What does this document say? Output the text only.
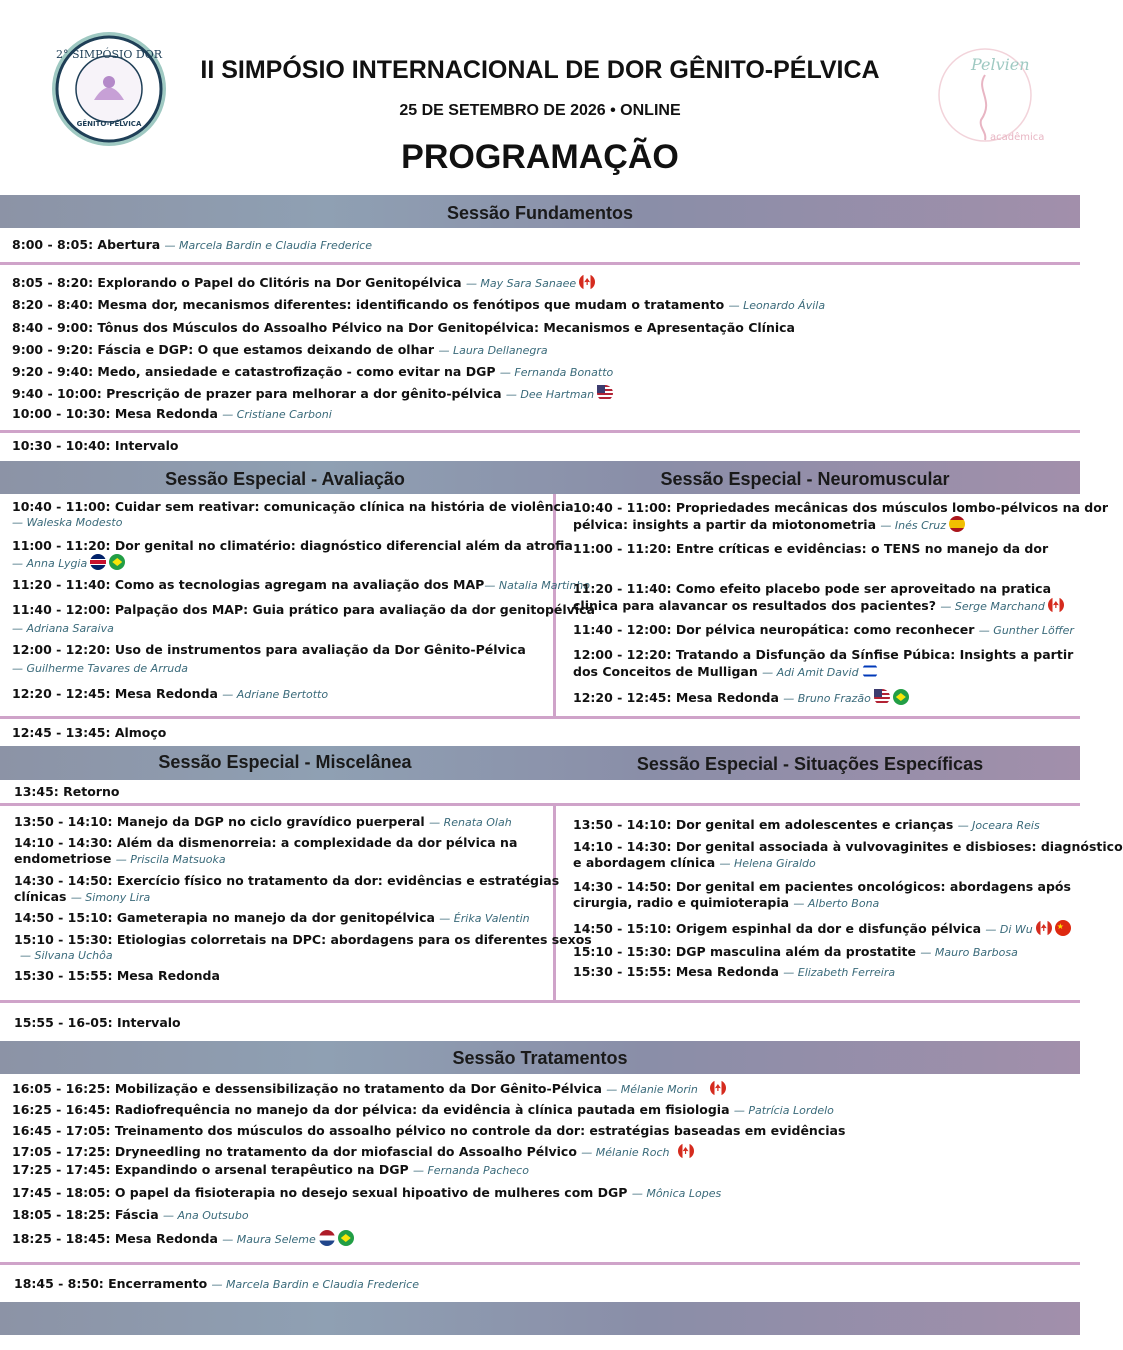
2° SIMPÓSIO DOR
GÊNITO-PÉLVICA
II SIMPÓSIO INTERNACIONAL DE DOR GÊNITO-PÉLVICA
25 DE SETEMBRO DE 2026 • ONLINE
PROGRAMAÇÃO
Pelvien
acadêmica
Sessão Fundamentos
8:00 - 8:05: Abertura — Marcela Bardin e Claudia Frederice
8:05 - 8:20: Explorando o Papel do Clitóris na Dor Genitopélvica — May Sara Sanaee
8:20 - 8:40: Mesma dor, mecanismos diferentes: identificando os fenótipos que mudam o tratamento — Leonardo Ávila
8:40 - 9:00: Tônus dos Músculos do Assoalho Pélvico na Dor Genitopélvica: Mecanismos e Apresentação Clínica
9:00 - 9:20: Fáscia e DGP: O que estamos deixando de olhar — Laura Dellanegra
9:20 - 9:40: Medo, ansiedade e catastrofização - como evitar na DGP — Fernanda Bonatto
9:40 - 10:00: Prescrição de prazer para melhorar a dor gênito-pélvica — Dee Hartman
10:00 - 10:30: Mesa Redonda — Cristiane Carboni
10:30 - 10:40: Intervalo
Sessão Especial - Avaliação	Sessão Especial - Neuromuscular
10:40 - 11:00: Cuidar sem reativar: comunicação clínica na história de violência
— Waleska Modesto
11:00 - 11:20: Dor genital no climatério: diagnóstico diferencial além da atrofia
— Anna Lygia
11:20 - 11:40: Como as tecnologias agregam na avaliação dos MAP— Natalia Martinho
11:40 - 12:00: Palpação dos MAP: Guia prático para avaliação da dor genitopélvica
— Adriana Saraiva
12:00 - 12:20: Uso de instrumentos para avaliação da Dor Gênito-Pélvica
— Guilherme Tavares de Arruda
12:20 - 12:45: Mesa Redonda — Adriane Bertotto
10:40 - 11:00: Propriedades mecânicas dos músculos lombo-pélvicos na dor
pélvica: insights a partir da miotonometria — Inés Cruz
11:00 - 11:20: Entre críticas e evidências: o TENS no manejo da dor
11:20 - 11:40: Como efeito placebo pode ser aproveitado na pratica
clinica para alavancar os resultados dos pacientes? — Serge Marchand
11:40 - 12:00: Dor pélvica neuropática: como reconhecer — Gunther Löffer
12:00 - 12:20: Tratando a Disfunção da Sínfise Púbica: Insights a partir
dos Conceitos de Mulligan — Adi Amit David
12:20 - 12:45: Mesa Redonda — Bruno Frazão
12:45 - 13:45: Almoço
Sessão Especial - Miscelânea	Sessão Especial - Situações Específicas
13:45: Retorno
13:50 - 14:10: Manejo da DGP no ciclo gravídico puerperal — Renata Olah
14:10 - 14:30: Além da dismenorreia: a complexidade da dor pélvica na
endometriose — Priscila Matsuoka
14:30 - 14:50: Exercício físico no tratamento da dor: evidências e estratégias
clínicas — Simony Lira
14:50 - 15:10: Gameterapia no manejo da dor genitopélvica — Érika Valentin
15:10 - 15:30: Etiologias colorretais na DPC: abordagens para os diferentes sexos
— Silvana Uchôa
15:30 - 15:55: Mesa Redonda
13:50 - 14:10: Dor genital em adolescentes e crianças — Joceara Reis
14:10 - 14:30: Dor genital associada à vulvovaginites e disbioses: diagnóstico
e abordagem clínica — Helena Giraldo
14:30 - 14:50: Dor genital em pacientes oncológicos: abordagens após
cirurgia, radio e quimioterapia — Alberto Bona
14:50 - 15:10: Origem espinhal da dor e disfunção pélvica — Di Wu★
15:10 - 15:30: DGP masculina além da prostatite — Mauro Barbosa
15:30 - 15:55: Mesa Redonda — Elizabeth Ferreira
15:55 - 16-05: Intervalo
Sessão Tratamentos
16:05 - 16:25: Mobilização e dessensibilização no tratamento da Dor Gênito-Pélvica — Mélanie Morin
16:25 - 16:45: Radiofrequência no manejo da dor pélvica: da evidência à clínica pautada em fisiologia — Patrícia Lordelo
16:45 - 17:05: Treinamento dos músculos do assoalho pélvico no controle da dor: estratégias baseadas em evidências
17:05 - 17:25: Dryneedling no tratamento da dor miofascial do Assoalho Pélvico — Mélanie Roch
17:25 - 17:45: Expandindo o arsenal terapêutico na DGP — Fernanda Pacheco
17:45 - 18:05: O papel da fisioterapia no desejo sexual hipoativo de mulheres com DGP — Mônica Lopes
18:05 - 18:25: Fáscia — Ana Outsubo
18:25 - 18:45: Mesa Redonda — Maura Seleme
18:45 - 8:50: Encerramento — Marcela Bardin e Claudia Frederice
